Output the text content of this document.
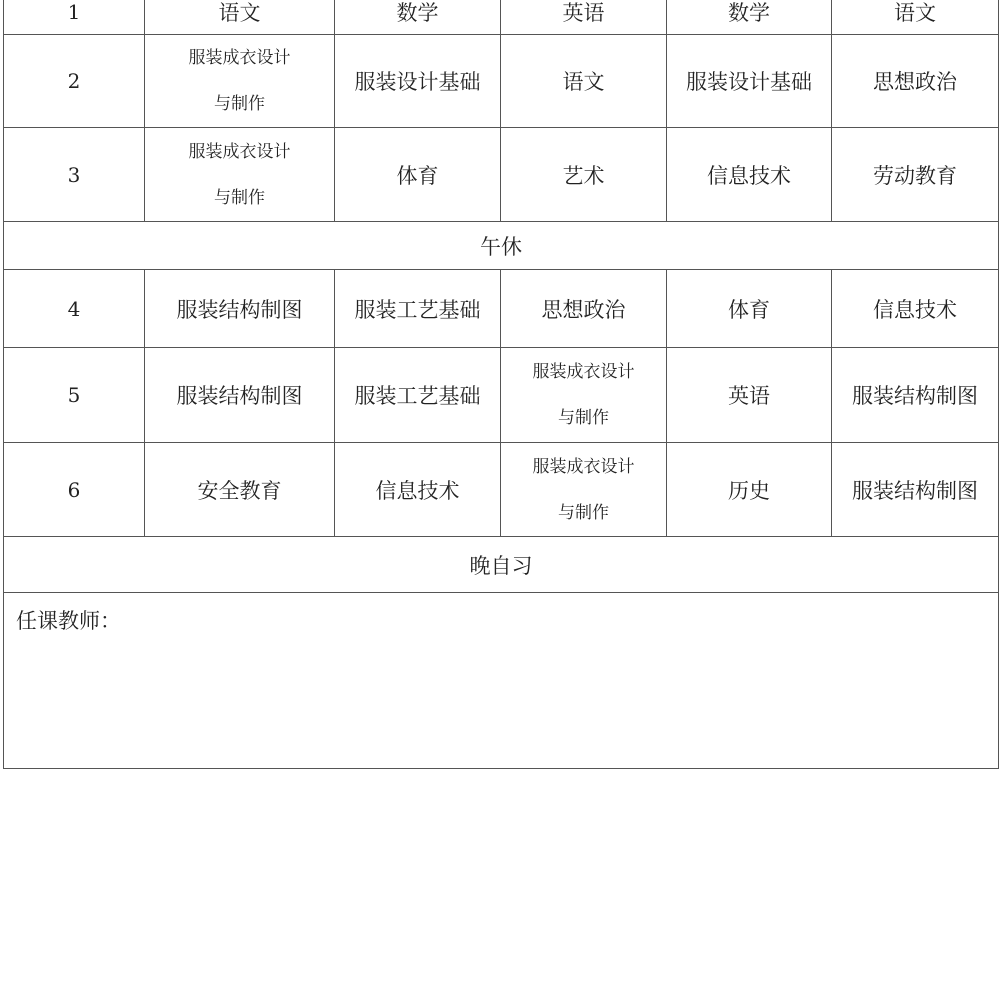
1	语文	数学	英语	数学	语文
2	服装成衣设计
与制作	服装设计基础	语文	服装设计基础	思想政治
3	服装成衣设计
与制作	体育	艺术	信息技术	劳动教育
午休					
4	服装结构制图	服装工艺基础	思想政治	体育	信息技术
5	服装结构制图	服装工艺基础	服装成衣设计
与制作	英语	服装结构制图
6	安全教育	信息技术	服装成衣设计
与制作	历史	服装结构制图
晚自习					
任课教师：					
